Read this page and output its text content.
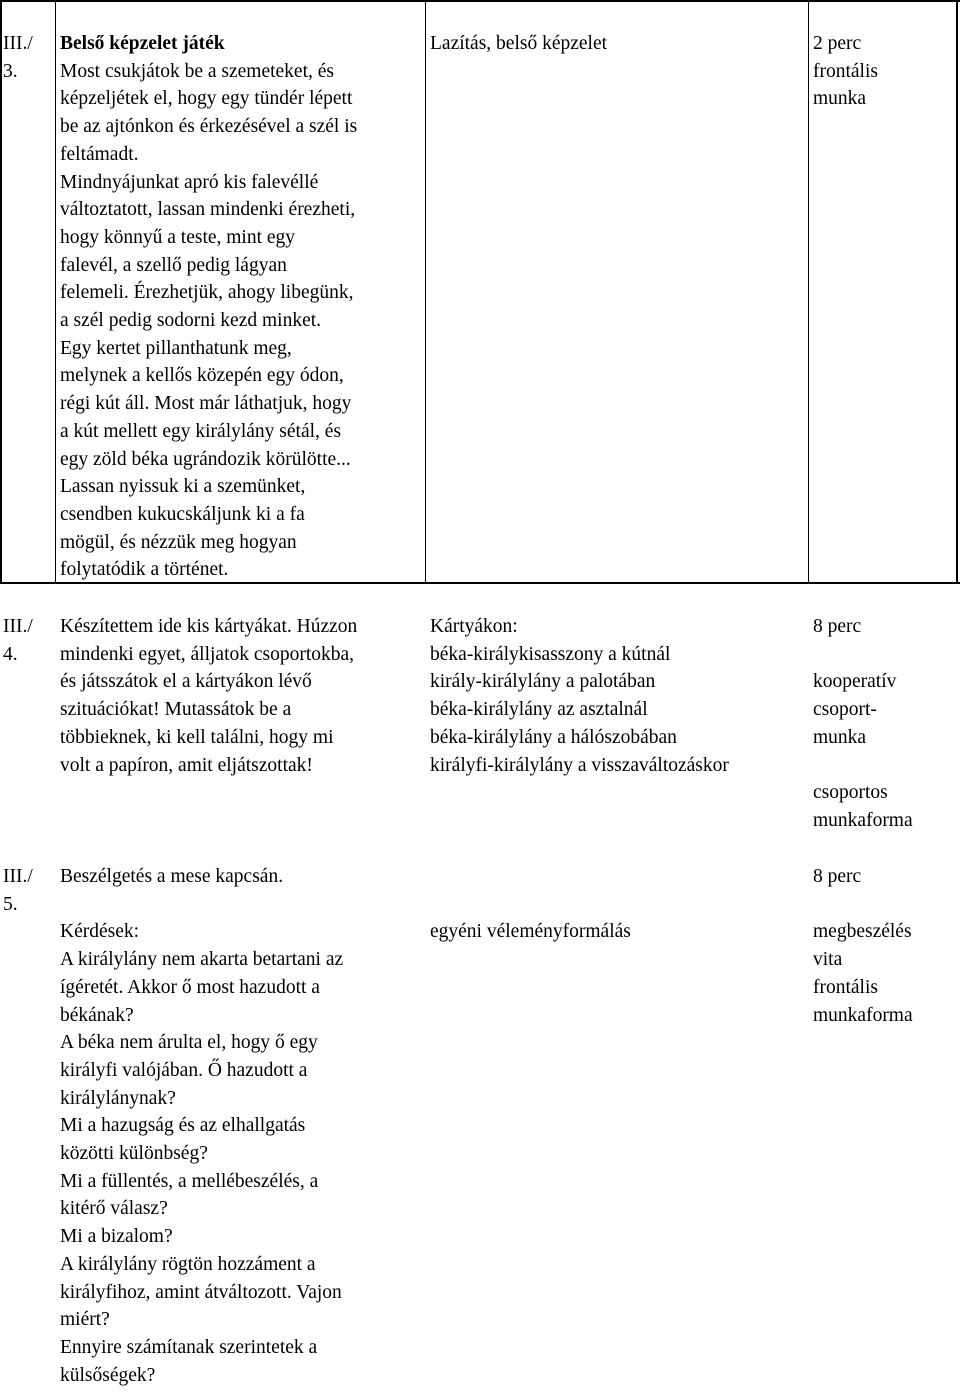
III./

3.

Belső képzelet játék

Most csukjátok be a szemeteket, és

képzeljétek el, hogy egy tündér lépett

be az ajtónkon és érkezésével a szél is

feltámadt.

Mindnyájunkat apró kis falevéllé

változtatott, lassan mindenki érezheti,

hogy könnyű a teste, mint egy

falevél, a szellő pedig lágyan

felemeli. Érezhetjük, ahogy libegünk,

a szél pedig sodorni kezd minket.

Egy kertet pillanthatunk meg,

melynek a kellős közepén egy ódon,

régi kút áll. Most már láthatjuk, hogy

a kút mellett egy királylány sétál, és

egy zöld béka ugrándozik körülötte...

Lassan nyissuk ki a szemünket,

csendben kukucskáljunk ki a fa

mögül, és nézzük meg hogyan

folytatódik a történet.

Lazítás, belső képzelet	2 perc

frontális

munka

III./

4.

Készítettem ide kis kártyákat. Húzzon

mindenki egyet, álljatok csoportokba,

és játsszátok el a kártyákon lévő

szituációkat! Mutassátok be a

többieknek, ki kell találni, hogy mi

volt a papíron, amit eljátszottak!

Kártyákon:

béka-királykisasszony a kútnál

király-királylány a palotában

béka-királylány az asztalnál

béka-királylány a hálószobában

királyfi-királylány a visszaváltozáskor

8 perc

kooperatív

csoport-

munka

csoportos

munkaforma

III./

5.

Beszélgetés a mese kapcsán.

Kérdések:

A királylány nem akarta betartani az

ígéretét. Akkor ő most hazudott a

békának?

A béka nem árulta el, hogy ő egy

királyfi valójában. Ő hazudott a

királylánynak?

Mi a hazugság és az elhallgatás

közötti különbség?

Mi a füllentés, a mellébeszélés, a

kitérő válasz?

Mi a bizalom?

A királylány rögtön hozzáment a

királyfihoz, amint átváltozott. Vajon

miért?

Ennyire számítanak szerintetek a

külsőségek?

egyéni véleményformálás

8 perc

megbeszélés

vita

frontális

munkaforma
